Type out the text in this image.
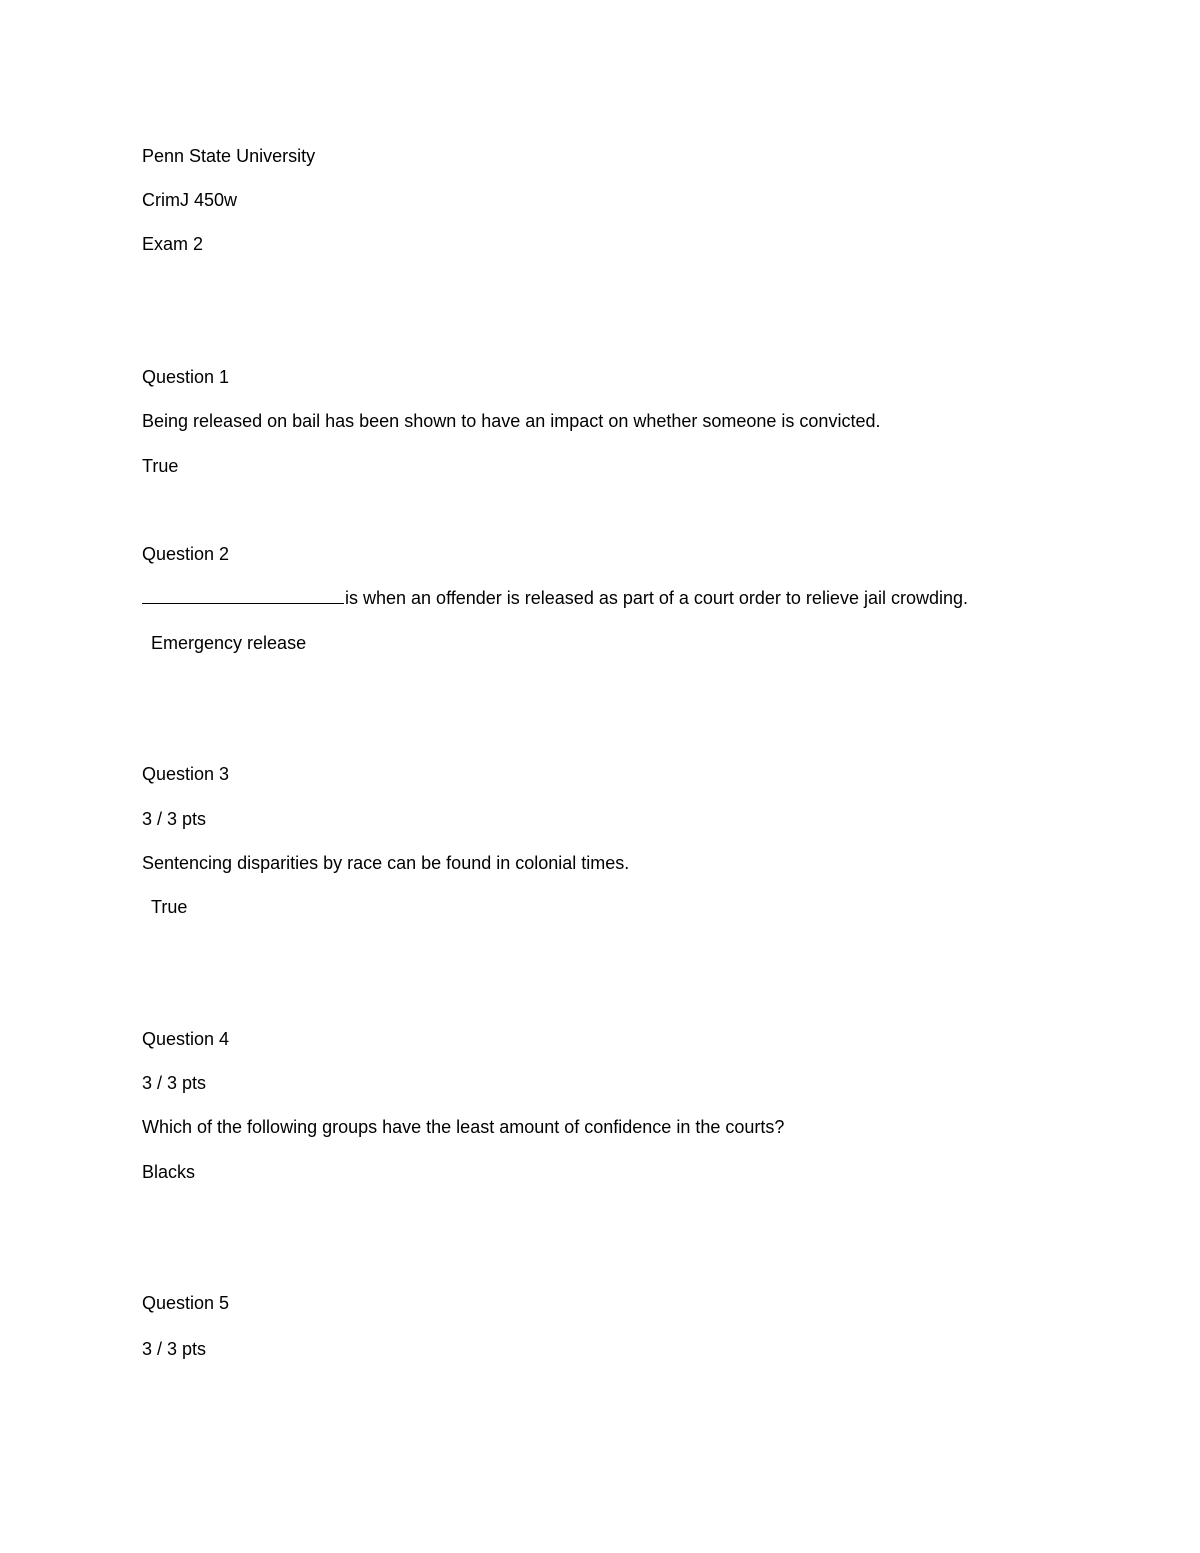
Penn State University
CrimJ 450w
Exam 2
Question 1
Being released on bail has been shown to have an impact on whether someone is convicted.
True
Question 2
is when an offender is released as part of a court order to relieve jail crowding.
Emergency release
Question 3
3 / 3 pts
Sentencing disparities by race can be found in colonial times.
True
Question 4
3 / 3 pts
Which of the following groups have the least amount of confidence in the courts?
Blacks
Question 5
3 / 3 pts
